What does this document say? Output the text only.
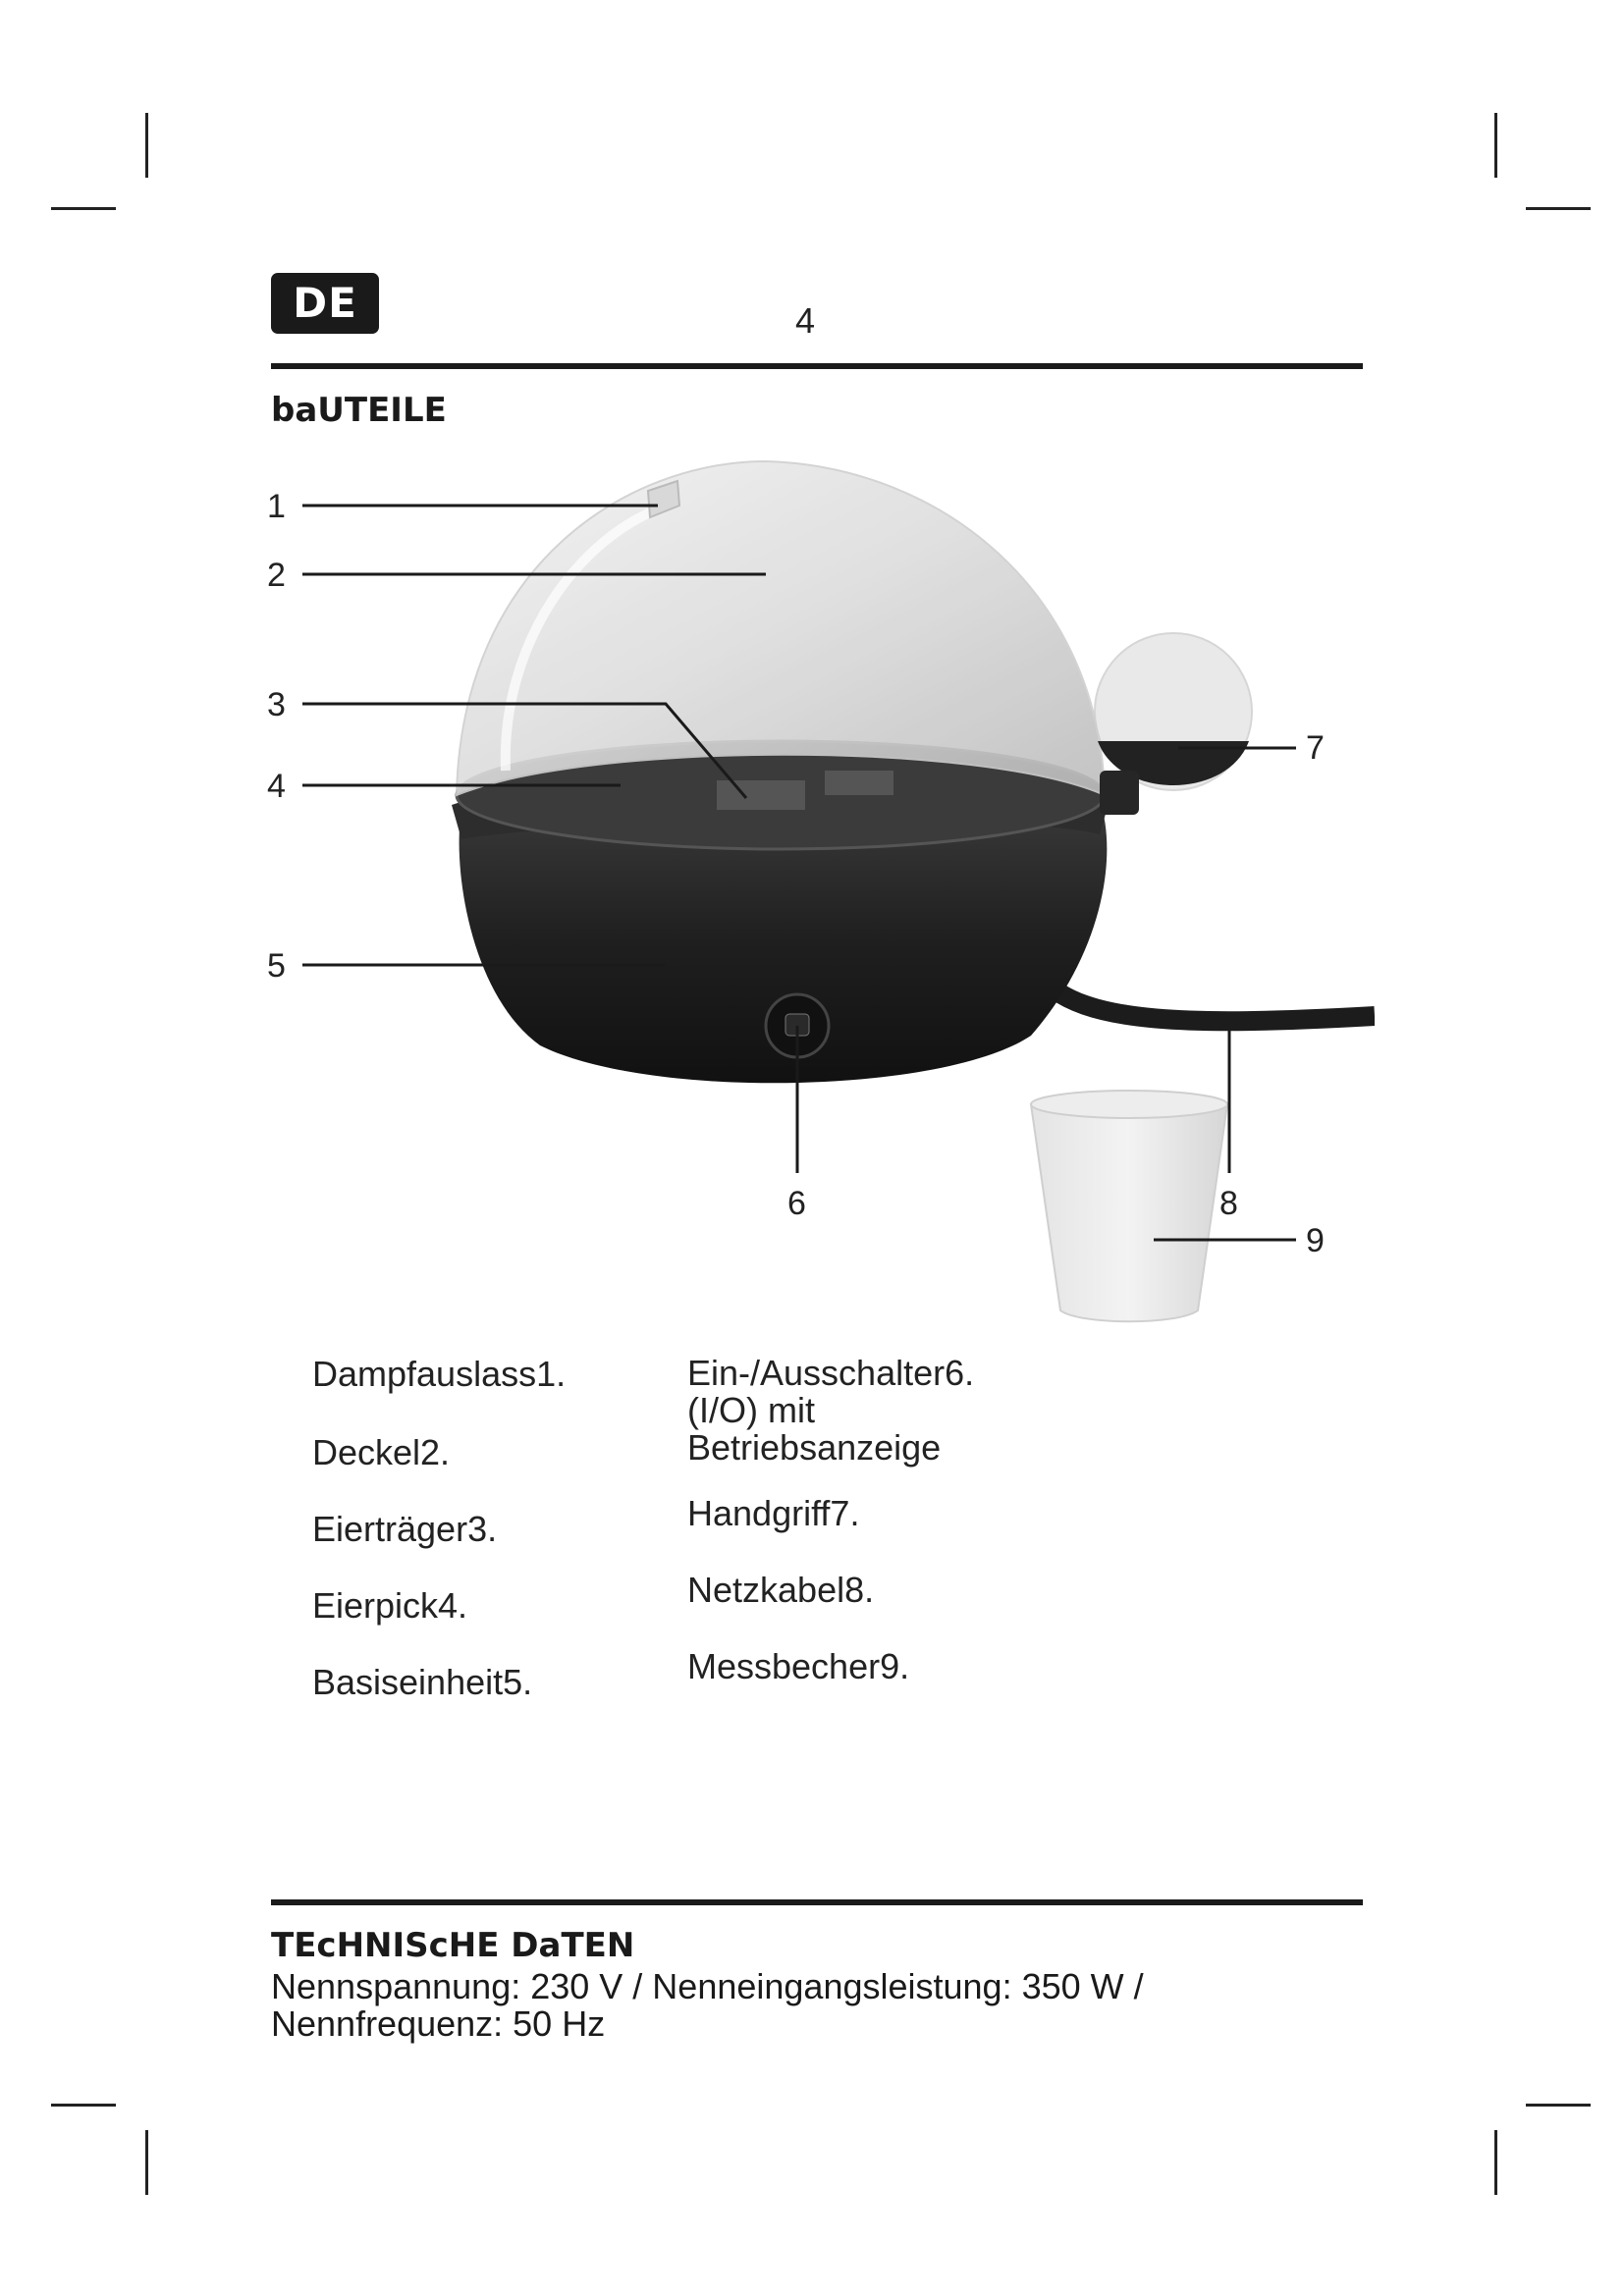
DE	4
baUTEILE
1
2
3
4
5
6
7
8
9
Dampfauslass1.
Deckel2.
Eierträger3.
Eierpick4.
Basiseinheit5.
Ein-/Ausschalter6.
(I/O) mit
Betriebsanzeige
Handgriff7.
Netzkabel8.
Messbecher9.
TEcHNIScHE DaTEN
Nennspannung: 230 V / Nenneingangsleistung: 350 W /
Nennfrequenz: 50 Hz
